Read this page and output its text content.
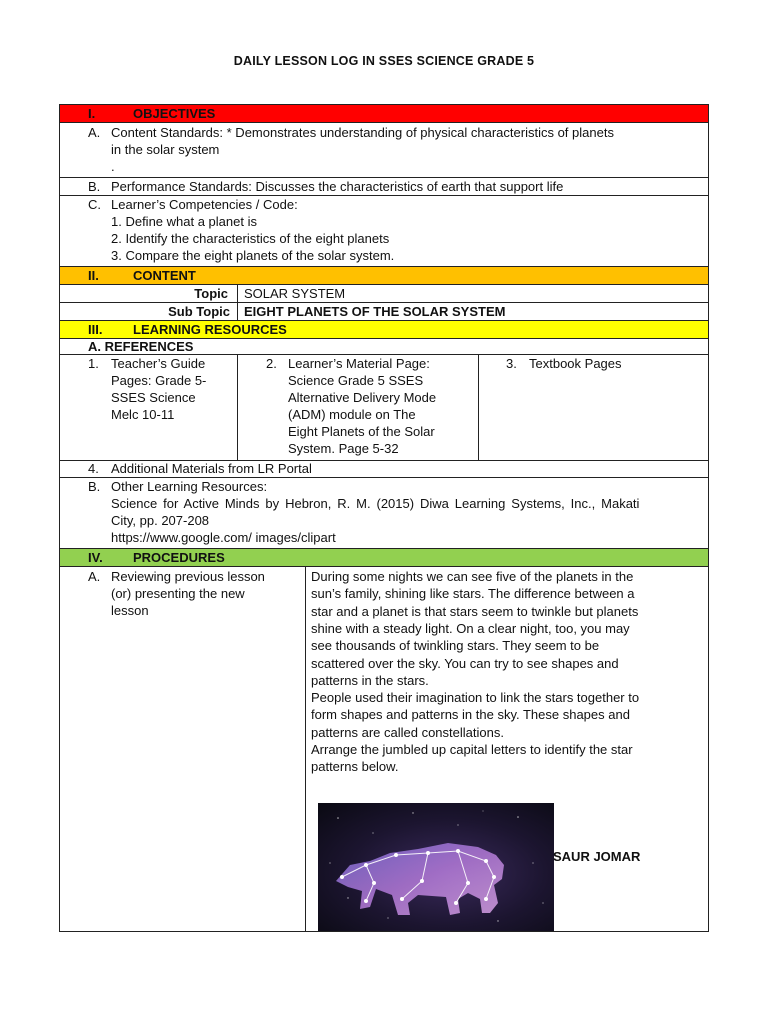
DAILY LESSON LOG IN SSES SCIENCE GRADE 5
I.	OBJECTIVES
A. Content Standards: * Demonstrates understanding of physical characteristics of planets
in the solar system
.
B. Performance Standards: Discusses the characteristics of earth that support life
C. Learner’s Competencies / Code:
1. Define what a planet is
2. Identify the characteristics of the eight planets
3. Compare the eight planets of the solar system.
II.	CONTENT
Topic SOLAR SYSTEM
Sub Topic EIGHT PLANETS OF THE SOLAR SYSTEM
III. LEARNING RESOURCES
A. REFERENCES
1. Teacher’s Guide
Pages: Grade 5-
SSES Science
Melc 10-11
2. Learner’s Material Page:
Science Grade 5 SSES
Alternative Delivery Mode
(ADM) module on The
Eight Planets of the Solar
System. Page 5-32
3. Textbook Pages
4. Additional Materials from LR Portal
B. Other Learning Resources:
Science for Active Minds by Hebron, R. M. (2015) Diwa Learning Systems, Inc., Makati
City, pp. 207-208
https://www.google.com/ images/clipart
IV. PROCEDURES
A. Reviewing previous lesson
(or) presenting the new
lesson
During some nights we can see five of the planets in the
sun’s family, shining like stars. The difference between a
star and a planet is that stars seem to twinkle but planets
shine with a steady light. On a clear night, too, you may
see thousands of twinkling stars. They seem to be
scattered over the sky. You can try to see shapes and
patterns in the stars.
People used their imagination to link the stars together to
form shapes and patterns in the sky. These shapes and
patterns are called constellations.
Arrange the jumbled up capital letters to identify the star
patterns below.
SAUR JOMAR
